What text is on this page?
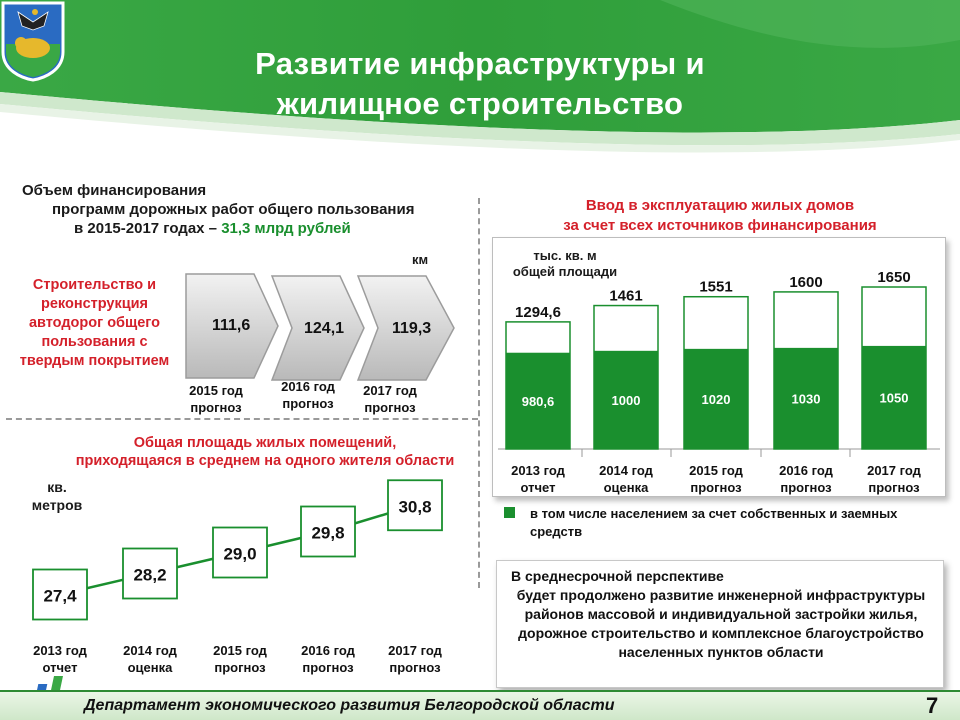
Развитие инфраструктуры и
жилищное строительство
Объем финансирования
программ дорожных работ общего пользования
в 2015-2017 годах – 31,3 млрд рублей
Строительство и реконструкция автодорог общего пользования с твердым покрытием
км
111,6	124,1	119,3
2015 год
прогноз
2016 год
прогноз
2017 год
прогноз
Общая площадь жилых помещений,
приходящаяся в среднем на одного жителя области
кв.
метров
27,4
28,2
29,0
29,8
30,8
Ввод в эксплуатацию жилых домов
за счет всех источников финансирования
тыс. кв. м
общей площади
1294,6
980,6
1461
1000
1551
1020
1600
1030
1650
1050
в том числе населением за счет собственных и заемных средств
В среднесрочной перспективе
будет продолжено развитие инженерной инфраструктуры районов массовой и индивидуальной застройки жилья, дорожное строительство и комплексное благоустройство населенных пунктов области
Департамент экономического развития Белгородской области	7
2013 год
отчет
2014 год
оценка
2015 год
прогноз
2016 год
прогноз
2017 год
прогноз
2013 год
отчет
2014 год
оценка
2015 год
прогноз
2016 год
прогноз
2017 год
прогноз
